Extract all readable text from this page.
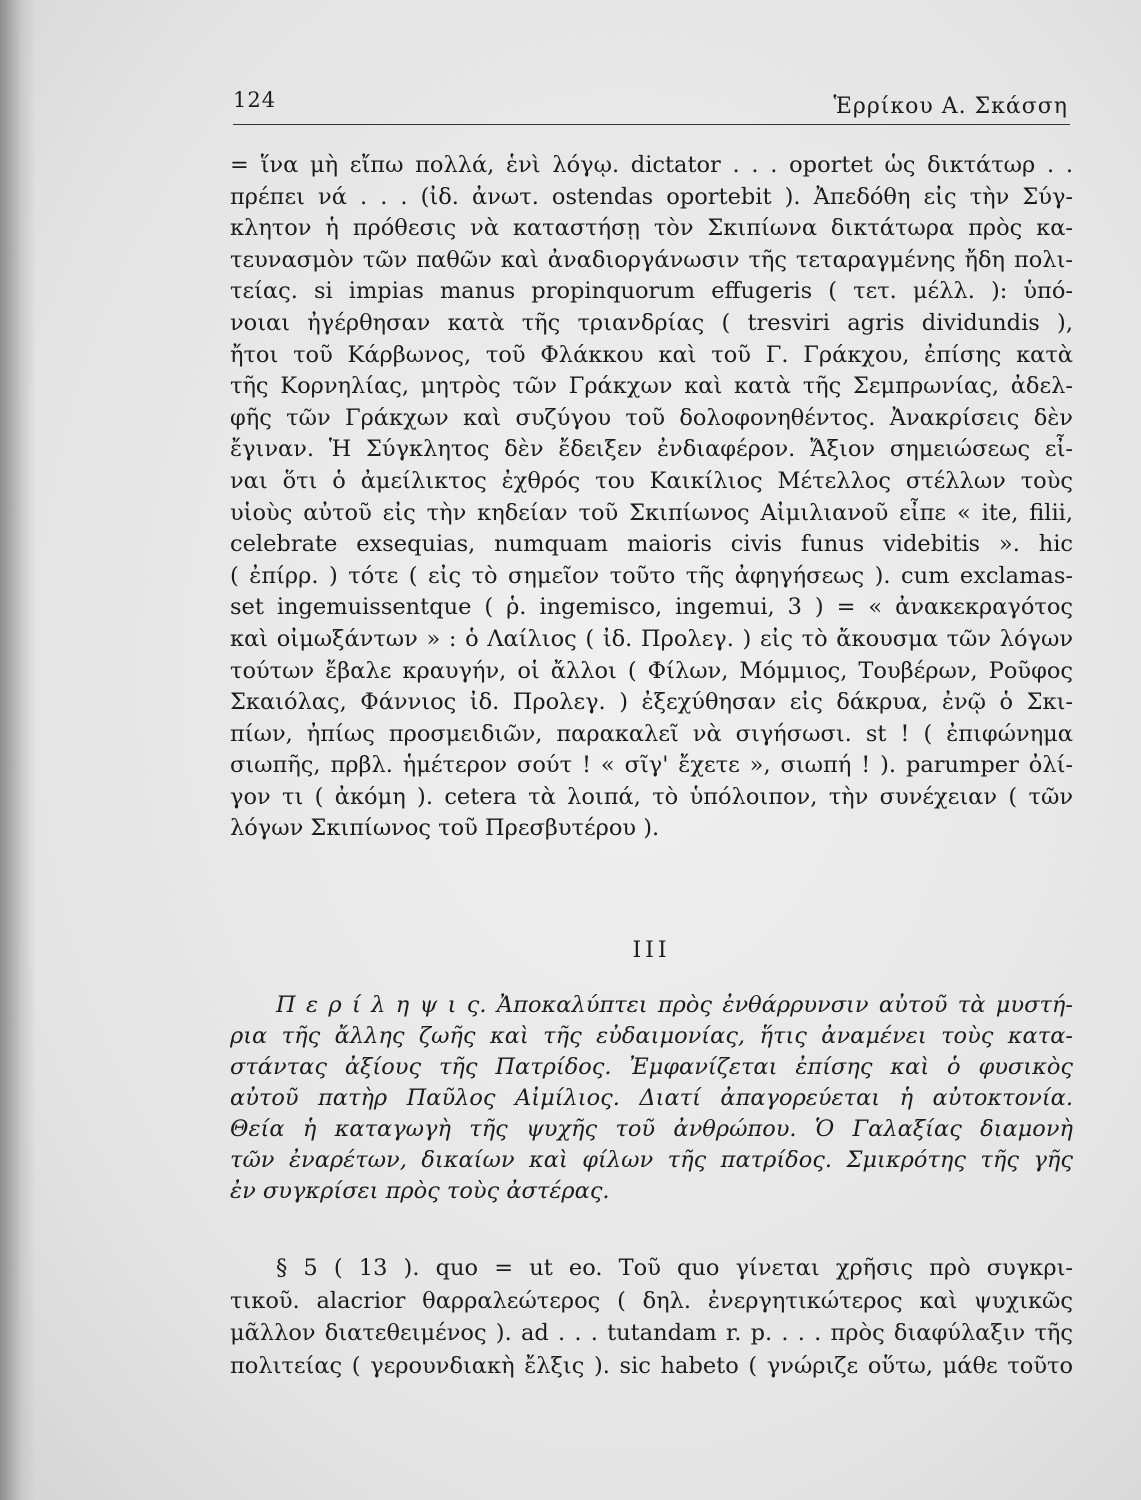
124	Ἑρρίκου Α. Σκάσση
= ἵνα μὴ εἴπω πολλά, ἑνὶ λόγῳ. dictator . . . oportet ὡς δικτάτωρ . .
πρέπει νά . . . (ἰδ. ἀνωτ. ostendas oportebit ). Ἀπεδόθη εἰς τὴν Σύγ-
κλητον ἡ πρόθεσις νὰ καταστήσῃ τὸν Σκιπίωνα δικτάτωρα πρὸς κα-
τευνασμὸν τῶν παθῶν καὶ ἀναδιοργάνωσιν τῆς τεταραγμένης ἤδη πολι-
τείας. si impias manus propinquorum effugeris ( τετ. μέλλ. ): ὑπό-
νοιαι ἠγέρθησαν κατὰ τῆς τριανδρίας ( tresviri agris dividundis ),
ἤτοι τοῦ Κάρβωνος, τοῦ Φλάκκου καὶ τοῦ Γ. Γράκχου, ἐπίσης κατὰ
τῆς Κορνηλίας, μητρὸς τῶν Γράκχων καὶ κατὰ τῆς Σεμπρωνίας, ἀδελ-
φῆς τῶν Γράκχων καὶ συζύγου τοῦ δολοφονηθέντος. Ἀνακρίσεις δὲν
ἔγιναν. Ἡ Σύγκλητος δὲν ἔδειξεν ἐνδιαφέρον. Ἄξιον σημειώσεως εἶ-
ναι ὅτι ὁ ἀμείλικτος ἐχθρός του Καικίλιος Μέτελλος στέλλων τοὺς
υἱοὺς αὐτοῦ εἰς τὴν κηδείαν τοῦ Σκιπίωνος Αἰμιλιανοῦ εἶπε « ite, filii,
celebrate exsequias, numquam maioris civis funus videbitis ». hic
( ἐπίρρ. ) τότε ( εἰς τὸ σημεῖον τοῦτο τῆς ἀφηγήσεως ). cum exclamas-
set ingemuissentque ( ῥ. ingemisco, ingemui, 3 ) = « ἀνακεκραγότος
καὶ οἰμωξάντων » : ὁ Λαίλιος ( ἰδ. Προλεγ. ) εἰς τὸ ἄκουσμα τῶν λόγων
τούτων ἔβαλε κραυγήν, οἱ ἄλλοι ( Φίλων, Μόμμιος, Τουβέρων, Ροῦφος
Σκαιόλας, Φάννιος ἰδ. Προλεγ. ) ἐξεχύθησαν εἰς δάκρυα, ἐνῷ ὁ Σκι-
πίων, ἠπίως προσμειδιῶν, παρακαλεῖ νὰ σιγήσωσι. st ! ( ἐπιφώνημα
σιωπῆς, πρβλ. ἡμέτερον σούτ ! « σῖγ' ἔχετε », σιωπή ! ). parumper ὀλί-
γον τι ( ἀκόμη ). cetera τὰ λοιπά, τὸ ὑπόλοιπον, τὴν συνέχειαν ( τῶν
λόγων Σκιπίωνος τοῦ Πρεσβυτέρου ).
III
Π ε ρ ί λ η ψ ι ς. Ἀποκαλύπτει πρὸς ἐνθάρρυνσιν αὐτοῦ τὰ μυστή-
ρια τῆς ἄλλης ζωῆς καὶ τῆς εὐδαιμονίας, ἥτις ἀναμένει τοὺς κατα-
στάντας ἀξίους τῆς Πατρίδος. Ἐμφανίζεται ἐπίσης καὶ ὁ φυσικὸς
αὐτοῦ πατὴρ Παῦλος Αἰμίλιος. Διατί ἀπαγορεύεται ἡ αὐτοκτονία.
Θεία ἡ καταγωγὴ τῆς ψυχῆς τοῦ ἀνθρώπου. Ὁ Γαλαξίας διαμονὴ
τῶν ἐναρέτων, δικαίων καὶ φίλων τῆς πατρίδος. Σμικρότης τῆς γῆς
ἐν συγκρίσει πρὸς τοὺς ἀστέρας.
§ 5 ( 13 ). quo = ut eo. Τοῦ quo γίνεται χρῆσις πρὸ συγκρι-
τικοῦ. alacrior θαρραλεώτερος ( δηλ. ἐνεργητικώτερος καὶ ψυχικῶς
μᾶλλον διατεθειμένος ). ad . . . tutandam r. p. . . . πρὸς διαφύλαξιν τῆς
πολιτείας ( γερουνδιακὴ ἔλξις ). sic habeto ( γνώριζε οὕτω, μάθε τοῦτο
